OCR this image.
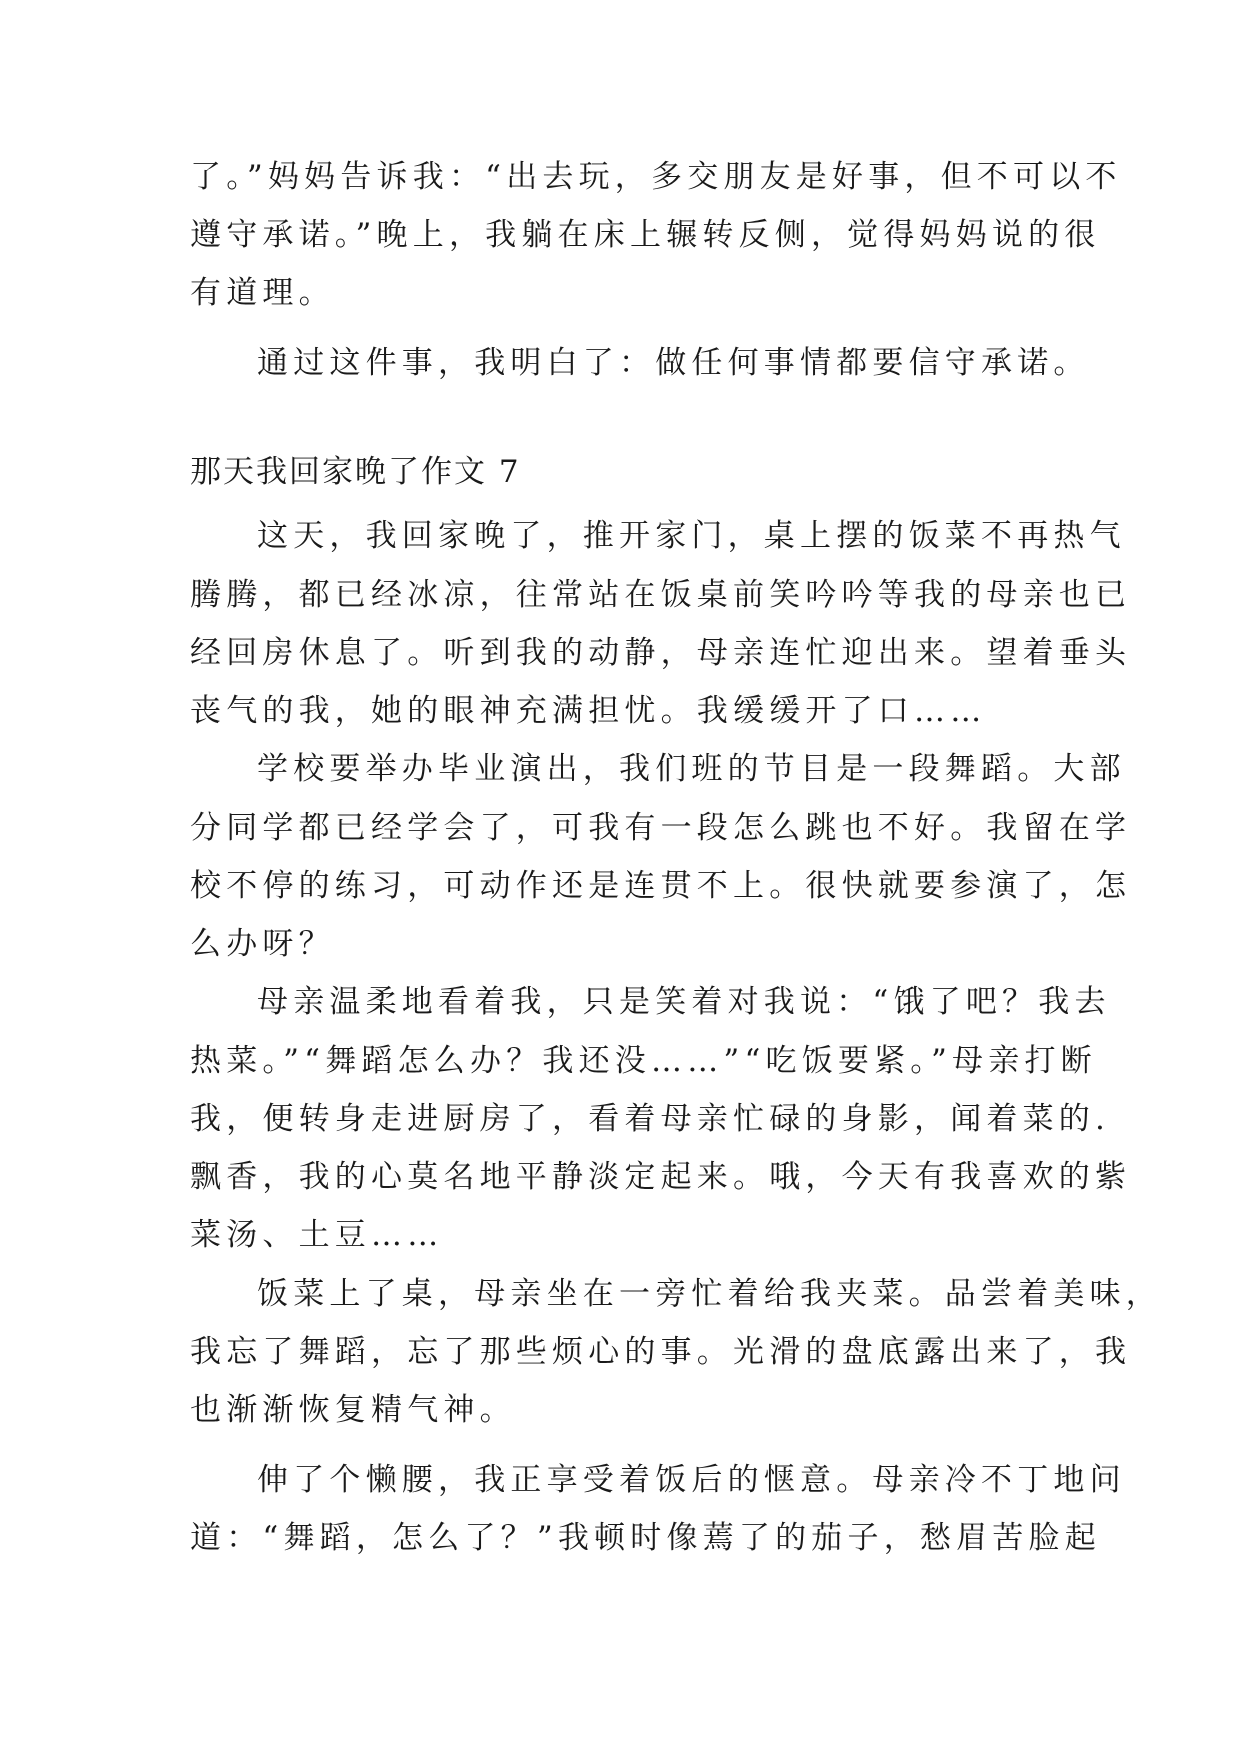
了。”妈妈告诉我：“出去玩，多交朋友是好事，但不可以不
遵守承诺。”晚上，我躺在床上辗转反侧，觉得妈妈说的很
有道理。
通过这件事，我明白了：做任何事情都要信守承诺。
那天我回家晚了作文 7
这天，我回家晚了，推开家门，桌上摆的饭菜不再热气
腾腾，都已经冰凉，往常站在饭桌前笑吟吟等我的母亲也已
经回房休息了。听到我的动静，母亲连忙迎出来。望着垂头
丧气的我，她的眼神充满担忧。我缓缓开了口……
学校要举办毕业演出，我们班的节目是一段舞蹈。大部
分同学都已经学会了，可我有一段怎么跳也不好。我留在学
校不停的练习，可动作还是连贯不上。很快就要参演了，怎
么办呀？
母亲温柔地看着我，只是笑着对我说：“饿了吧？我去
热菜。”“舞蹈怎么办？我还没……”“吃饭要紧。”母亲打断
我，便转身走进厨房了，看着母亲忙碌的身影，闻着菜的.
飘香，我的心莫名地平静淡定起来。哦，今天有我喜欢的紫
菜汤、土豆……
饭菜上了桌，母亲坐在一旁忙着给我夹菜。品尝着美味，
我忘了舞蹈，忘了那些烦心的事。光滑的盘底露出来了，我
也渐渐恢复精气神。
伸了个懒腰，我正享受着饭后的惬意。母亲冷不丁地问
道：“舞蹈，怎么了？”我顿时像蔫了的茄子，愁眉苦脸起
